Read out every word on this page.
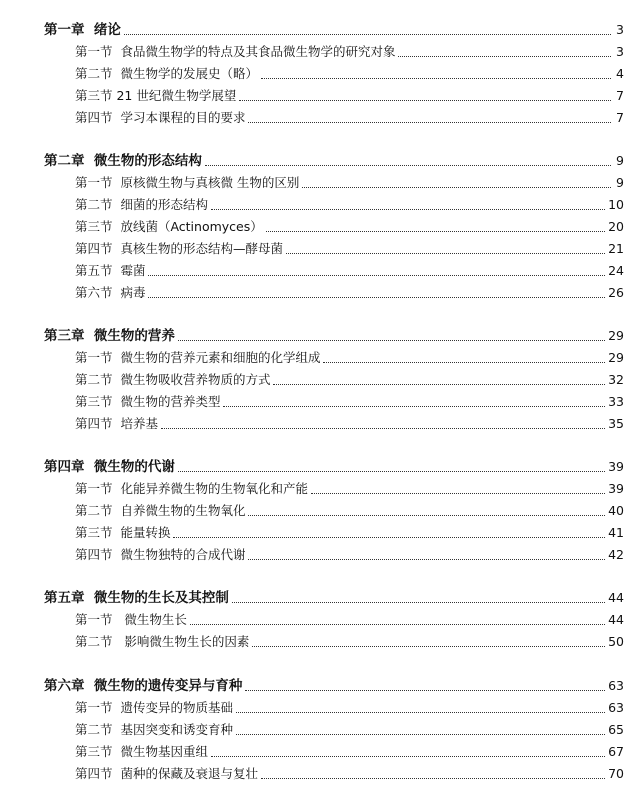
第一章  绪论	3
第一节  食品微生物学的特点及其食品微生物学的研究对象	3
第二节  微生物学的发展史（略）	4
第三节 21 世纪微生物学展望	7
第四节  学习本课程的目的要求	7
第二章  微生物的形态结构	9
第一节  原核微生物与真核微 生物的区别	9
第二节  细菌的形态结构	10
第三节  放线菌（Actinomyces）	20
第四节  真核生物的形态结构—酵母菌	21
第五节  霉菌	24
第六节  病毒	26
第三章  微生物的营养	29
第一节  微生物的营养元素和细胞的化学组成	29
第二节  微生物吸收营养物质的方式	32
第三节  微生物的营养类型	33
第四节  培养基	35
第四章  微生物的代谢	39
第一节  化能异养微生物的生物氧化和产能	39
第二节  自养微生物的生物氧化	40
第三节  能量转换	41
第四节  微生物独特的合成代谢	42
第五章  微生物的生长及其控制	44
第一节   微生物生长	44
第二节   影响微生物生长的因素	50
第六章  微生物的遗传变异与育种	63
第一节  遗传变异的物质基础	63
第二节  基因突变和诱变育种	65
第三节  微生物基因重组	67
第四节  菌种的保藏及衰退与复壮	70
